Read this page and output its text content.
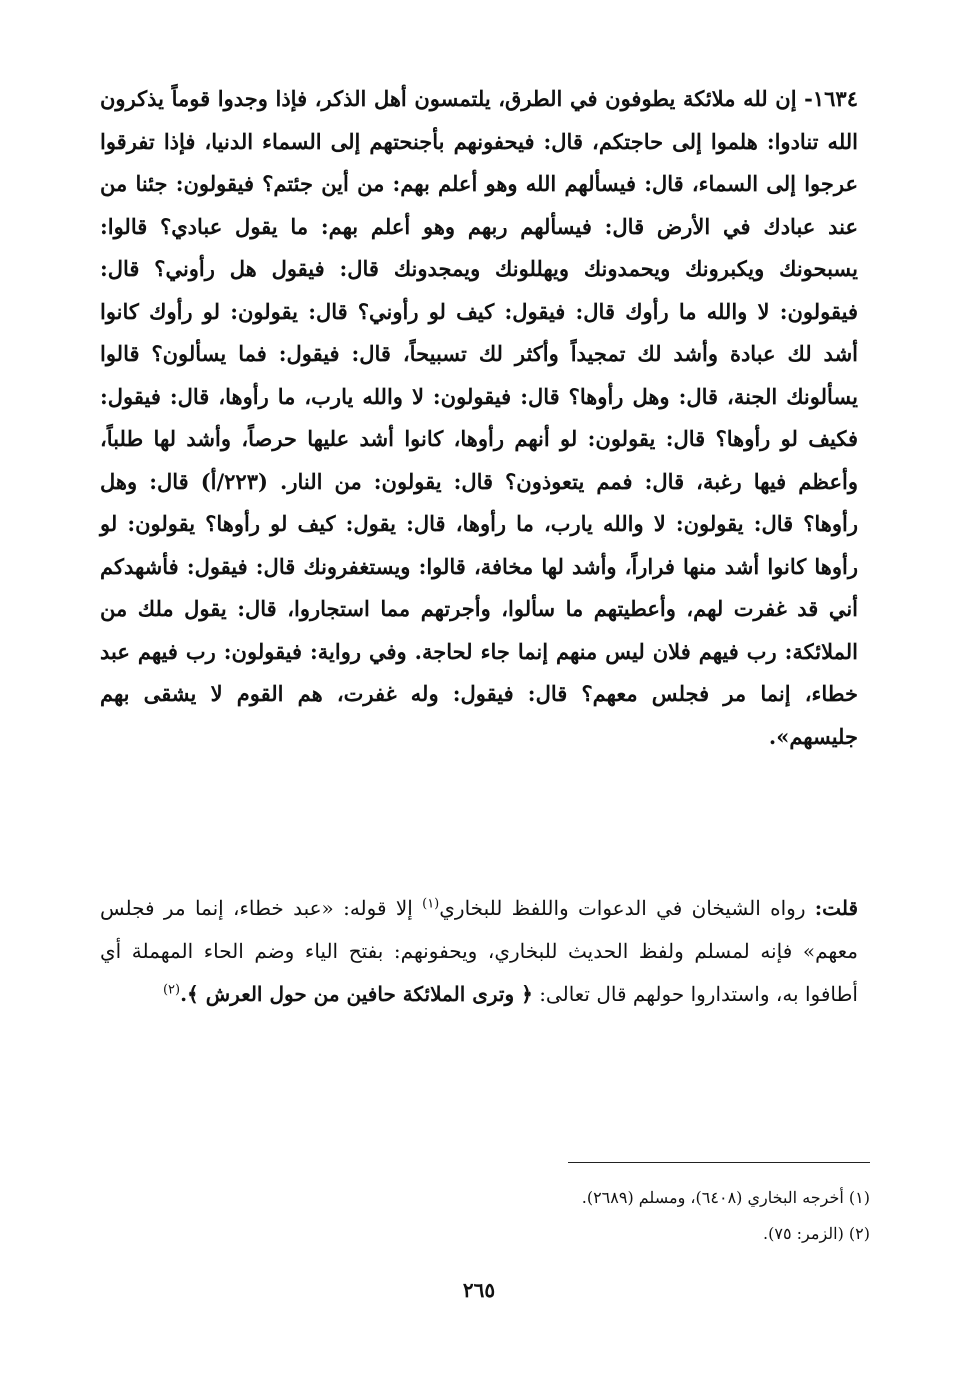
١٦٣٤- إن لله ملائكة يطوفون في الطرق، يلتمسون أهل الذكر، فإذا وجدوا قوماً يذكرون الله تنادوا: هلموا إلى حاجتكم، قال: فيحفونهم بأجنحتهم إلى السماء الدنيا، فإذا تفرقوا عرجوا إلى السماء، قال: فيسألهم الله وهو أعلم بهم: من أين جئتم؟ فيقولون: جئنا من عند عبادك في الأرض قال: فيسألهم ربهم وهو أعلم بهم: ما يقول عبادي؟ قالوا: يسبحونك ويكبرونك ويحمدونك ويهللونك ويمجدونك قال: فيقول هل رأوني؟ قال: فيقولون: لا والله ما رأوك قال: فيقول: كيف لو رأوني؟ قال: يقولون: لو رأوك كانوا أشد لك عبادة وأشد لك تمجيداً وأكثر لك تسبيحاً، قال: فيقول: فما يسألون؟ قالوا يسألونك الجنة، قال: وهل رأوها؟ قال: فيقولون: لا والله يارب، ما رأوها، قال: فيقول: فكيف لو رأوها؟ قال: يقولون: لو أنهم رأوها، كانوا أشد عليها حرصاً، وأشد لها طلباً، وأعظم فيها رغبة، قال: فمم يتعوذون؟ قال: يقولون: من النار. (٢٢٣/أ) قال: وهل رأوها؟ قال: يقولون: لا والله يارب، ما رأوها، قال: يقول: كيف لو رأوها؟ يقولون: لو رأوها كانوا أشد منها فراراً، وأشد لها مخافة، قالوا: ويستغفرونك قال: فيقول: فأشهدكم أني قد غفرت لهم، وأعطيتهم ما سألوا، وأجرتهم مما استجاروا، قال: يقول ملك من الملائكة: رب فيهم فلان ليس منهم إنما جاء لحاجة. وفي رواية: فيقولون: رب فيهم عبد خطاء، إنما مر فجلس معهم؟ قال: فيقول: وله غفرت، هم القوم لا يشقى بهم جليسهم».
قلت: رواه الشيخان في الدعوات واللفظ للبخاري$^{(١)}$ إلا قوله: «عبد خطاء، إنما مر فجلس معهم» فإنه لمسلم ولفظ الحديث للبخاري، ويحفونهم: بفتح الياء وضم الحاء المهملة أي أطافوا به، واستداروا حولهم قال تعالى: ﴿ وترى الملائكة حافين من حول العرش ﴾.$^{(٢)}$
(١) أخرجه البخاري (٦٤٠٨)، ومسلم (٢٦٨٩).
(٢) (الزمر: ٧٥).
٢٦٥
